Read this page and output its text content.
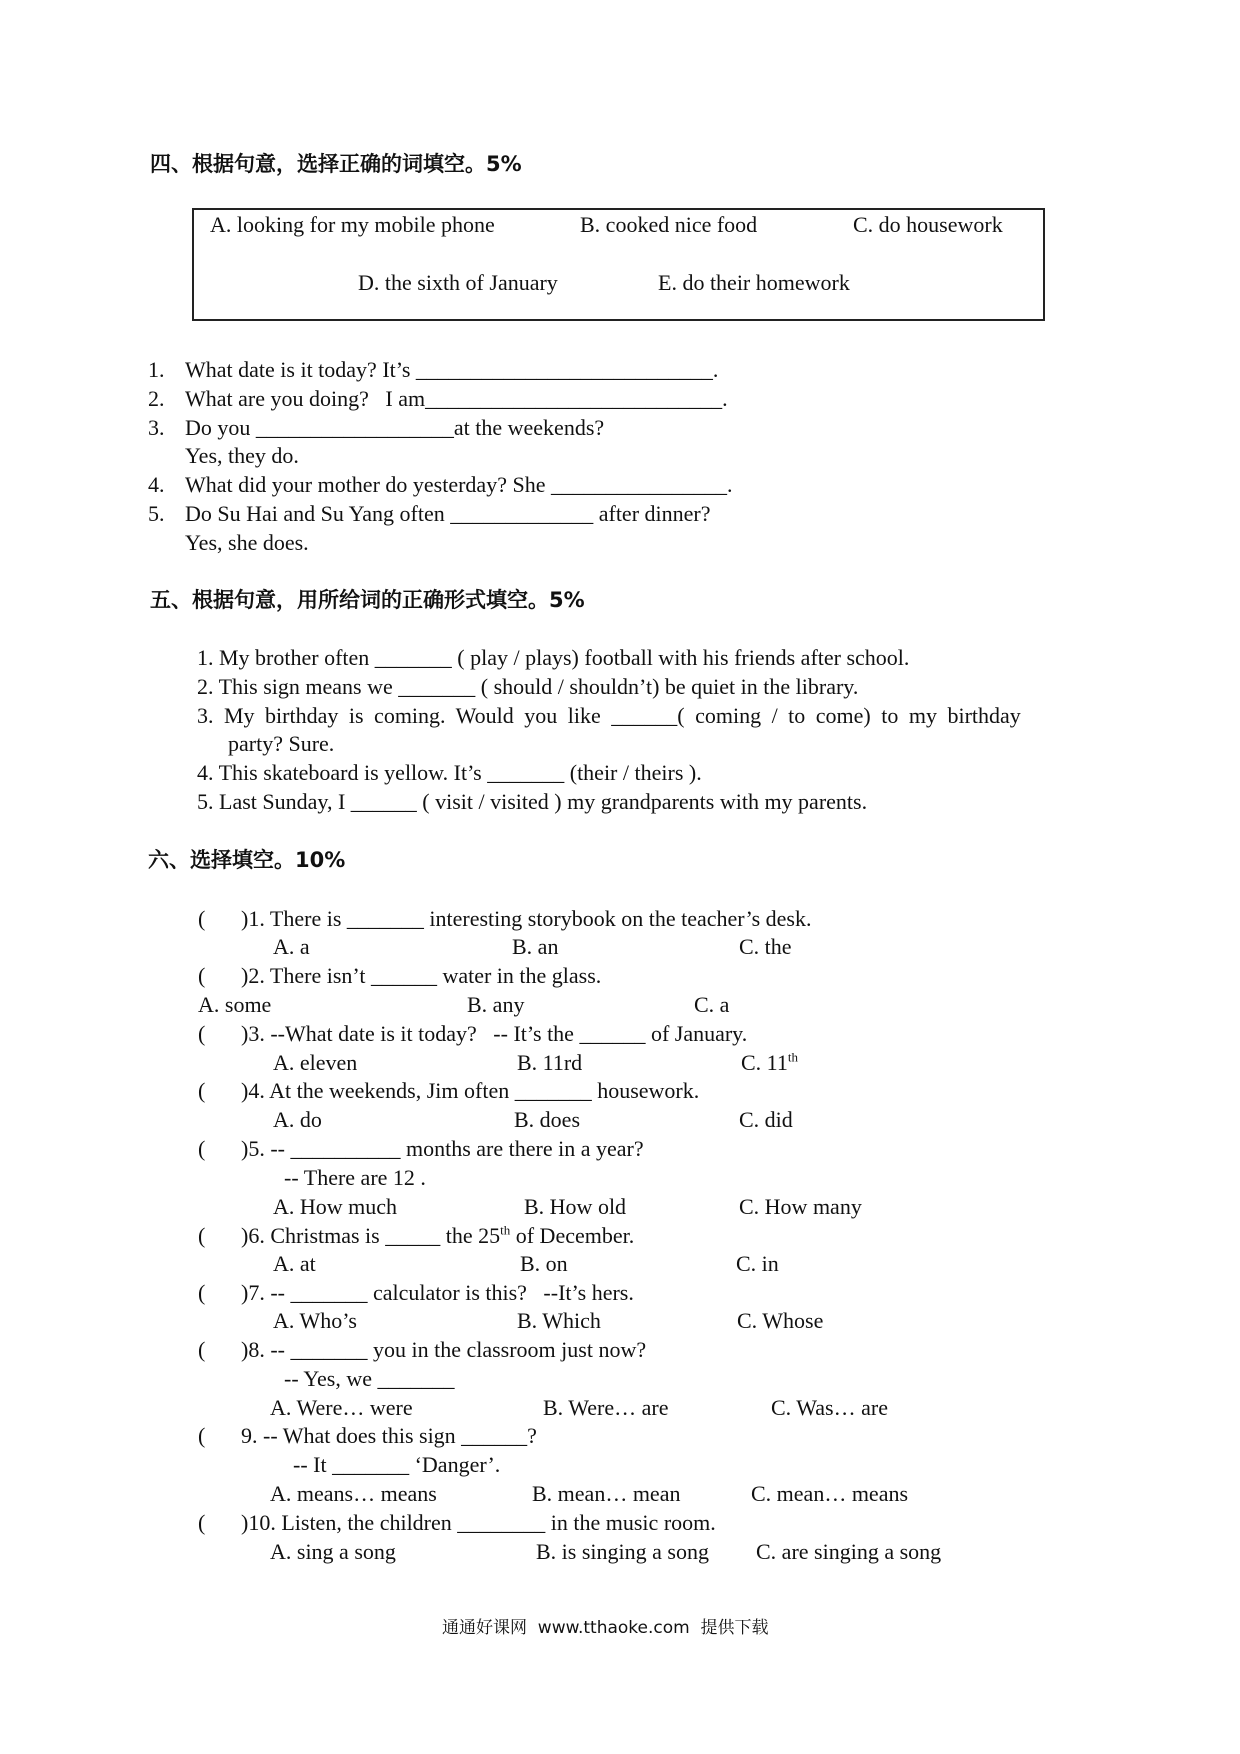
四、根据句意，选择正确的词填空。5%
A. looking for my mobile phone	B. cooked nice food	C. do housework
D. the sixth of January	E. do their homework
1. What date is it today? It’s ___________________________.
2. What are you doing?   I am___________________________.
3. Do you __________________at the weekends?
Yes, they do.
4. What did your mother do yesterday? She ________________.
5. Do Su Hai and Su Yang often _____________ after dinner?
Yes, she does.
五、根据句意，用所给词的正确形式填空。5%
1. My brother often _______ ( play / plays) football with his friends after school.
2. This sign means we _______ ( should / shouldn’t) be quiet in the library.
3. My birthday is coming. Would you like ______( coming / to come) to my birthday
party? Sure.
4. This skateboard is yellow. It’s _______ (their / theirs ).
5. Last Sunday, I ______ ( visit / visited ) my grandparents with my parents.
六、选择填空。10%
( )1. There is _______ interesting storybook on the teacher’s desk.
A. a	B. an	C. the
( )2. There isn’t ______ water in the glass.
A. some	B. any	C. a
( )3. --What date is it today?   -- It’s the ______ of January.
A. eleven	B. 11rd	C. 11th
( )4. At the weekends, Jim often _______ housework.
A. do	B. does	C. did
( )5. -- __________ months are there in a year?
-- There are 12 .
A. How much	B. How old	C. How many
( )6. Christmas is _____ the 25th of December.
A. at	B. on	C. in
( )7. -- _______ calculator is this?   --It’s hers.
A. Who’s	B. Which	C. Whose
( )8. -- _______ you in the classroom just now?
-- Yes, we _______
A. Were… were	B. Were… are	C. Was… are
( 9. -- What does this sign ______?
-- It _______ ‘Danger’.
A. means… means	B. mean… mean	C. mean… means
( )10. Listen, the children ________ in the music room.
A. sing a song	B. is singing a song C. are singing a song
通通好课网  www.tthaoke.com  提供下载
